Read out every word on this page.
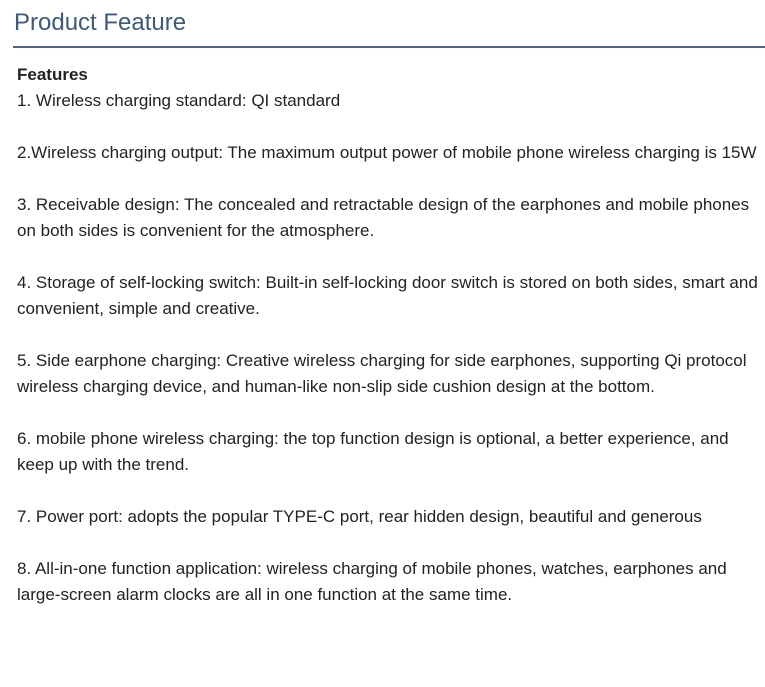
Product Feature

Features

1. Wireless charging standard: QI standard

2.Wireless charging output: The maximum output power of mobile phone wireless charging is 15W

3. Receivable design: The concealed and retractable design of the earphones and mobile phones on both sides is convenient for the atmosphere.

4. Storage of self-locking switch: Built-in self-locking door switch is stored on both sides, smart and convenient, simple and creative.

5. Side earphone charging: Creative wireless charging for side earphones, supporting Qi protocol wireless charging device, and human-like non-slip side cushion design at the bottom.

6. mobile phone wireless charging: the top function design is optional, a better experience, and keep up with the trend.

7. Power port: adopts the popular TYPE-C port, rear hidden design, beautiful and generous

8. All-in-one function application: wireless charging of mobile phones, watches, earphones and large-screen alarm clocks are all in one function at the same time.
